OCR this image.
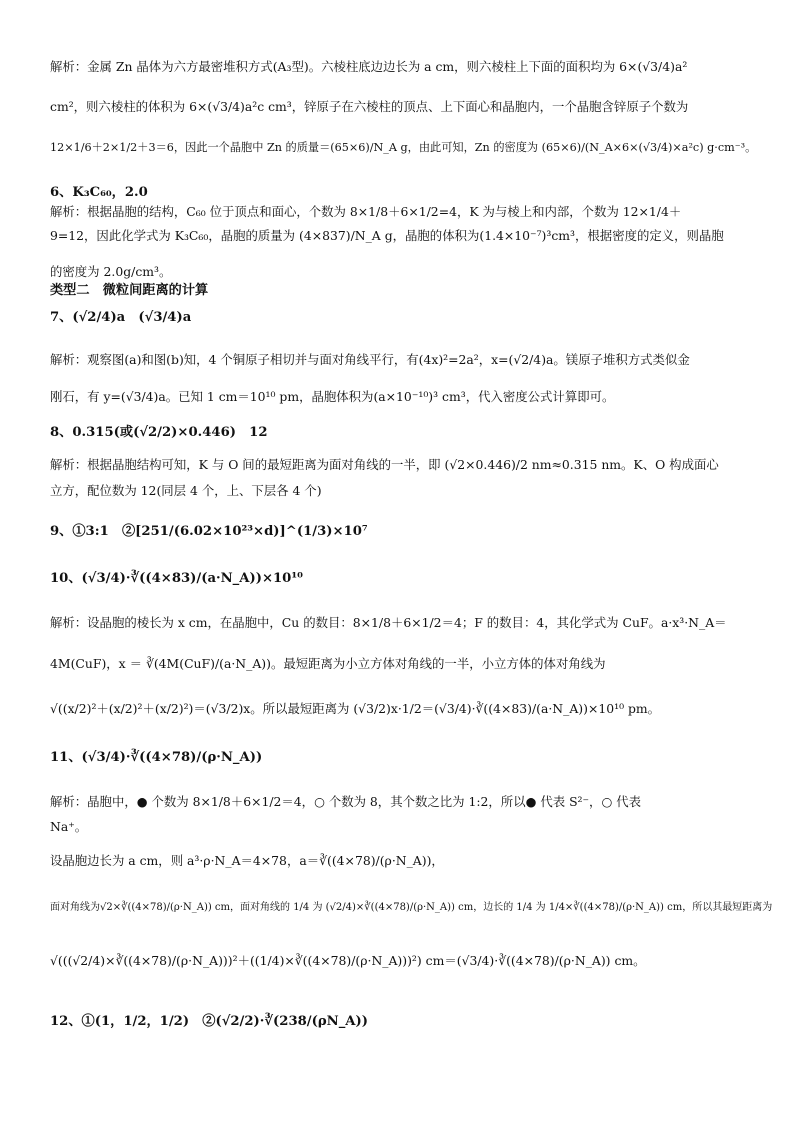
解析：金属 Zn 晶体为六方最密堆积方式(A₃型)。六棱柱底边边长为 a cm，则六棱柱上下面的面积均为 6×(√3/4)a²
cm²，则六棱柱的体积为 6×(√3/4)a²c cm³，锌原子在六棱柱的顶点、上下面心和晶胞内，一个晶胞含锌原子个数为
12×1/6＋2×1/2＋3＝6，因此一个晶胞中 Zn 的质量＝(65×6)/N_A g，由此可知，Zn 的密度为 (65×6)/(N_A×6×(√3/4)×a²c) g·cm⁻³。
6、K₃C₆₀，2.0
解析：根据晶胞的结构，C₆₀ 位于顶点和面心，个数为 8×1/8＋6×1/2=4，K 为与棱上和内部，个数为 12×1/4＋
9=12，因此化学式为 K₃C₆₀，晶胞的质量为 (4×837)/N_A g，晶胞的体积为(1.4×10⁻⁷)³cm³，根据密度的定义，则晶胞
的密度为 2.0g/cm³。
类型二　微粒间距离的计算
7、(√2/4)a　(√3/4)a
解析：观察图(a)和图(b)知，4 个铜原子相切并与面对角线平行，有(4x)²=2a²，x=(√2/4)a。镁原子堆积方式类似金
刚石，有 y=(√3/4)a。已知 1 cm＝10¹⁰ pm，晶胞体积为(a×10⁻¹⁰)³ cm³，代入密度公式计算即可。
8、0.315(或(√2/2)×0.446)　12
解析：根据晶胞结构可知，K 与 O 间的最短距离为面对角线的一半，即 (√2×0.446)/2 nm≈0.315 nm。K、O 构成面心
立方，配位数为 12(同层 4 个，上、下层各 4 个)
9、①3:1　②[251/(6.02×10²³×d)]^(1/3)×10⁷
10、(√3/4)·∛((4×83)/(a·N_A))×10¹⁰
解析：设晶胞的棱长为 x cm，在晶胞中，Cu 的数目：8×1/8＋6×1/2＝4；F 的数目：4，其化学式为 CuF。a·x³·N_A＝
4M(CuF)，x ＝ ∛(4M(CuF)/(a·N_A))。最短距离为小立方体对角线的一半，小立方体的体对角线为
√((x/2)²＋(x/2)²＋(x/2)²)＝(√3/2)x。所以最短距离为 (√3/2)x·1/2＝(√3/4)·∛((4×83)/(a·N_A))×10¹⁰ pm。
11、(√3/4)·∛((4×78)/(ρ·N_A))
解析：晶胞中，● 个数为 8×1/8＋6×1/2＝4，○ 个数为 8，其个数之比为 1:2，所以● 代表 S²⁻，○ 代表
Na⁺。
设晶胞边长为 a cm，则 a³·ρ·N_A＝4×78，a＝∛((4×78)/(ρ·N_A))，
面对角线为√2×∛((4×78)/(ρ·N_A)) cm，面对角线的 1/4 为 (√2/4)×∛((4×78)/(ρ·N_A)) cm，边长的 1/4 为 1/4×∛((4×78)/(ρ·N_A)) cm，所以其最短距离为
√(((√2/4)×∛((4×78)/(ρ·N_A)))²＋((1/4)×∛((4×78)/(ρ·N_A)))²) cm＝(√3/4)·∛((4×78)/(ρ·N_A)) cm。
12、①(1，1/2，1/2)　②(√2/2)·∛(238/(ρN_A))
